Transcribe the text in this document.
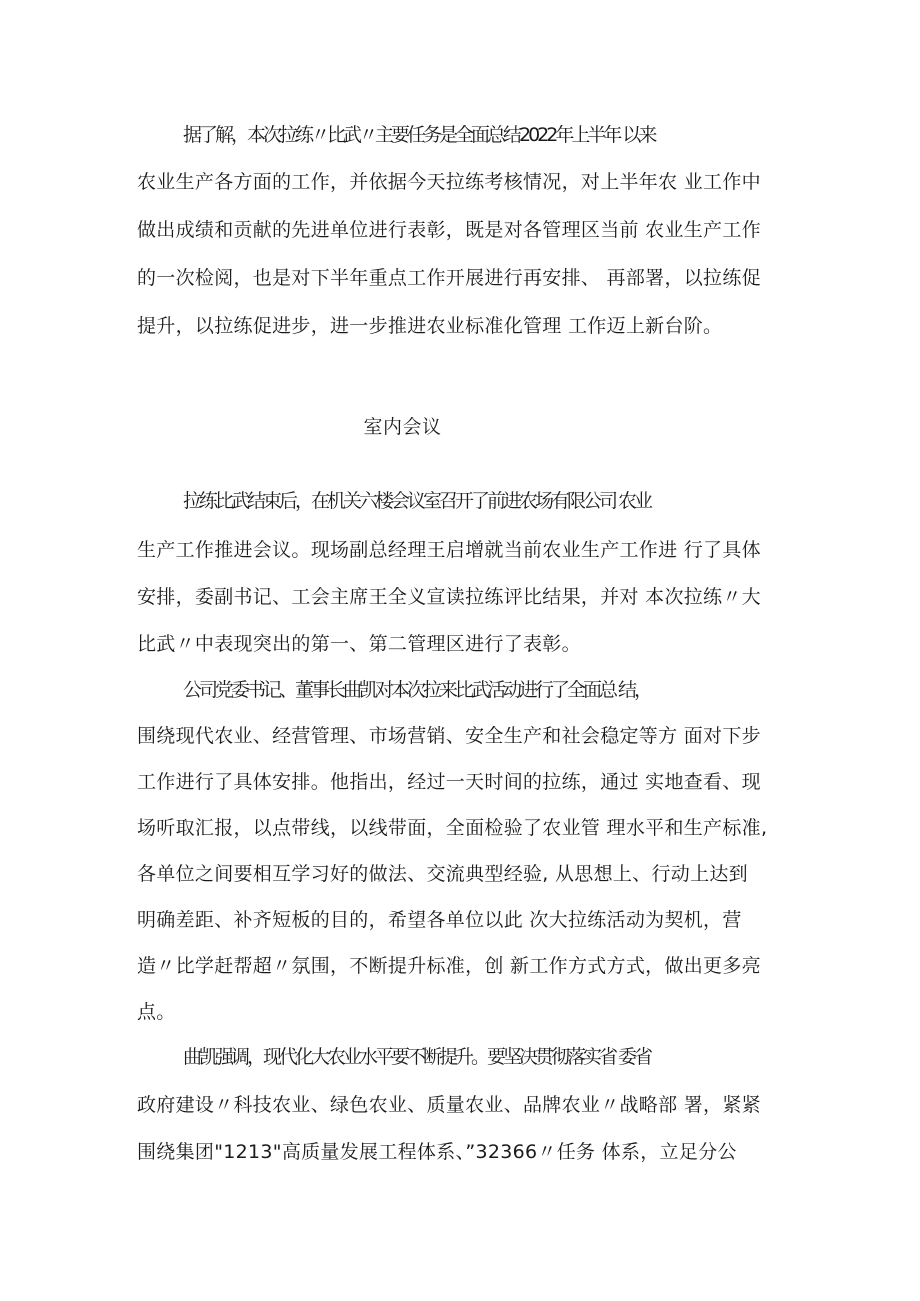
据了解，本次拉练〃比武〃主要任务是全面总结2022年上半年 以来
农业生产各方面的工作，并依据今天拉练考核情况，对上半年农 业工作中
做出成绩和贡献的先进单位进行表彰，既是对各管理区当前 农业生产工作
的一次检阅，也是对下半年重点工作开展进行再安排、 再部署，以拉练促
提升，以拉练促进步，进一步推进农业标准化管理 工作迈上新台阶。
室内会议
拉练比武结束后，在机关六楼会议室召开了前进农场有限公司 农业
生产工作推进会议。现场副总经理王启增就当前农业生产工作进 行了具体
安排，委副书记、工会主席王全义宣读拉练评比结果，并对 本次拉练〃大
比武〃中表现突出的第一、第二管理区进行了表彰。
公司党委书记、董事长曲凯对本次拉来比武活动进行了全面总 结，
围绕现代农业、经营管理、市场营销、安全生产和社会稳定等方 面对下步
工作进行了具体安排。他指出，经过一天时间的拉练，通过 实地查看、现
场听取汇报，以点带线，以线带面，全面检验了农业管 理水平和生产标准,
各单位之间要相互学习好的做法、交流典型经验, 从思想上、行动上达到
明确差距、补齐短板的目的，希望各单位以此 次大拉练活动为契机，营
造〃比学赶帮超〃氛围，不断提升标准，创 新工作方式方式，做出更多亮
点。
曲凯强调，现代化大农业水平要不断提升。要坚决贯彻落实省 委省
政府建设〃科技农业、绿色农业、质量农业、品牌农业〃战略部 署，紧紧
围绕集团"1213"高质量发展工程体系、”32366〃任务 体系，立足分公
